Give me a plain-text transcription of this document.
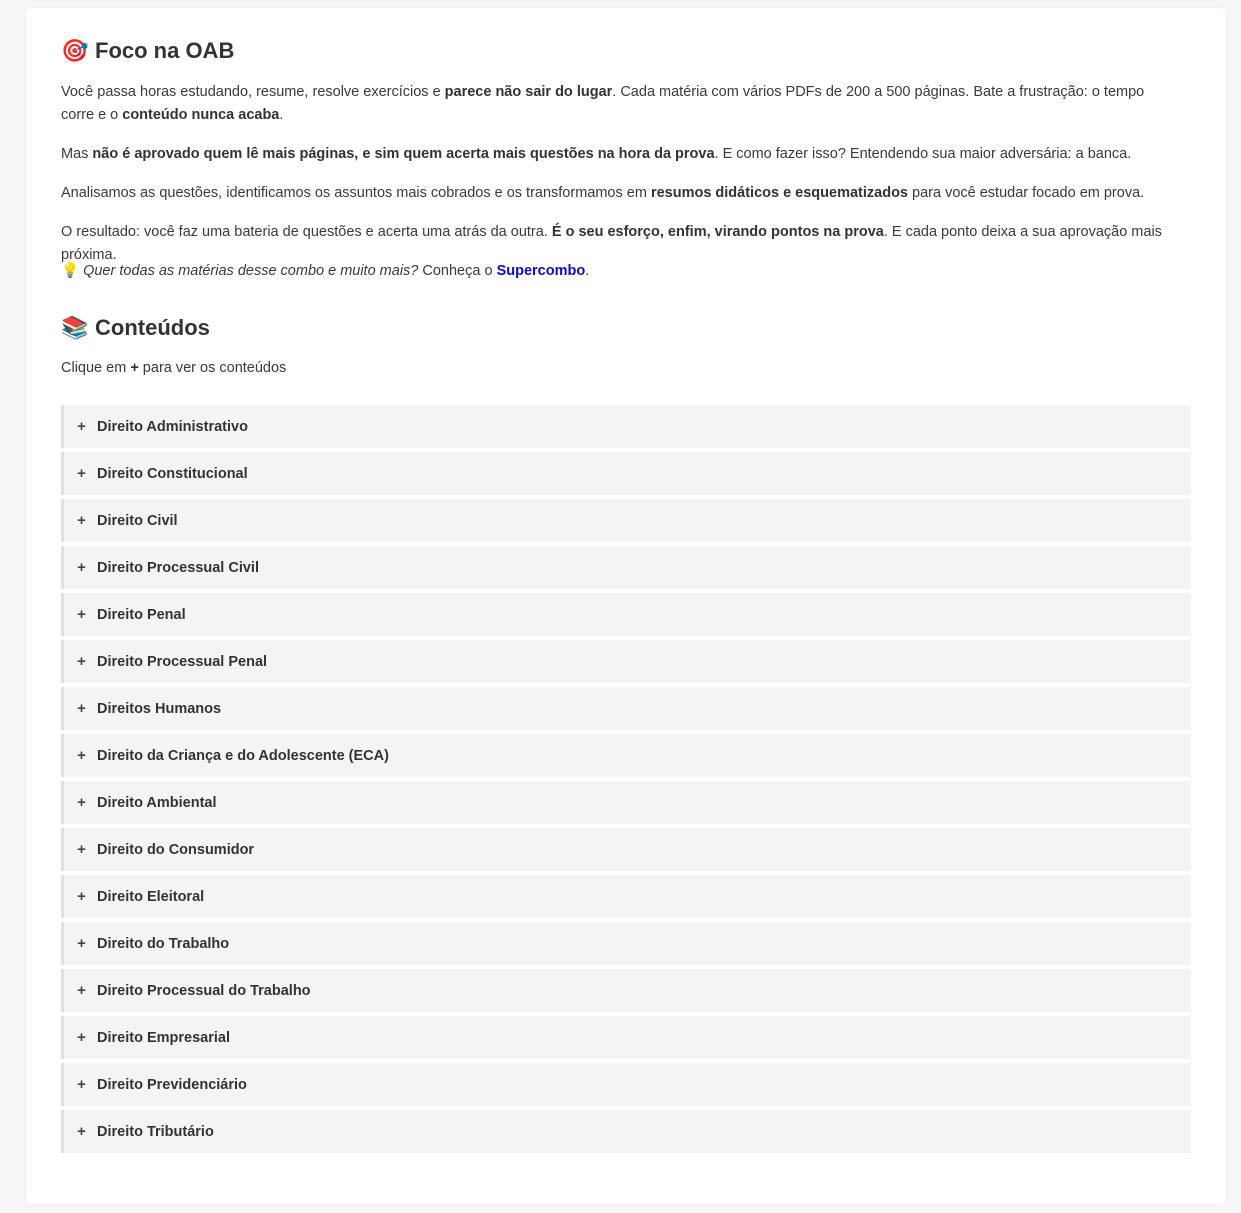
🎯 Foco na OAB

Você passa horas estudando, resume, resolve exercícios e parece não sair do lugar. Cada matéria com vários PDFs de 200 a 500 páginas. Bate a frustração: o tempo corre e o conteúdo nunca acaba.

Mas não é aprovado quem lê mais páginas, e sim quem acerta mais questões na hora da prova. E como fazer isso? Entendendo sua maior adversária: a banca.

Analisamos as questões, identificamos os assuntos mais cobrados e os transformamos em resumos didáticos e esquematizados para você estudar focado em prova.

O resultado: você faz uma bateria de questões e acerta uma atrás da outra. É o seu esforço, enfim, virando pontos na prova. E cada ponto deixa a sua aprovação mais próxima.

💡 Quer todas as matérias desse combo e muito mais? Conheça o Supercombo.

📚 Conteúdos

Clique em + para ver os conteúdos

+ Direito Administrativo
+ Direito Constitucional
+ Direito Civil
+ Direito Processual Civil
+ Direito Penal
+ Direito Processual Penal
+ Direitos Humanos
+ Direito da Criança e do Adolescente (ECA)
+ Direito Ambiental
+ Direito do Consumidor
+ Direito Eleitoral
+ Direito do Trabalho
+ Direito Processual do Trabalho
+ Direito Empresarial
+ Direito Previdenciário
+ Direito Tributário
